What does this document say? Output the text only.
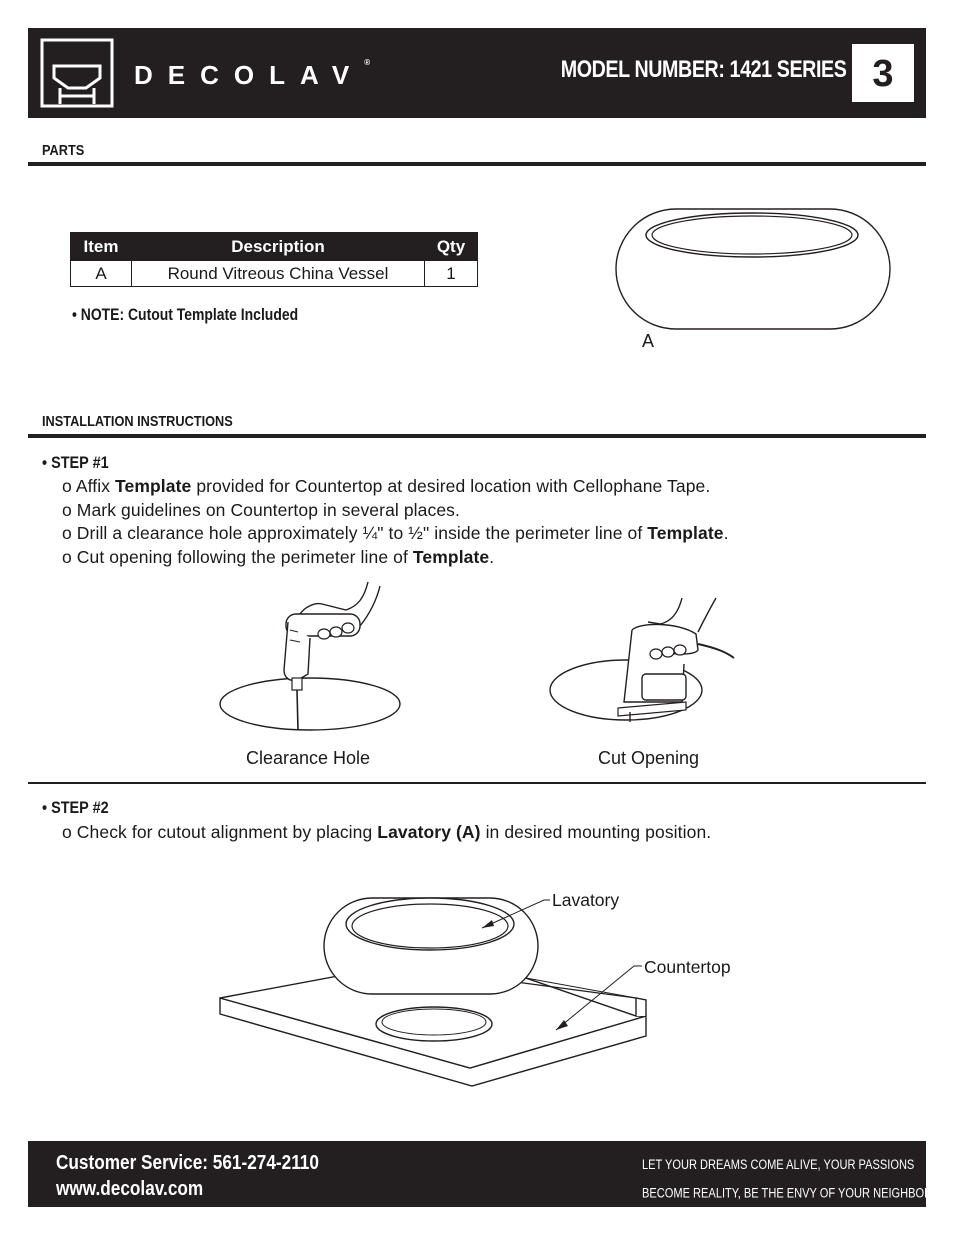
DECOLAV®	MODEL NUMBER: 1421 SERIES 3
PARTS
Item	Description	Qty
A	Round Vitreous China Vessel	1
• NOTE: Cutout Template Included
A
INSTALLATION INSTRUCTIONS
• STEP #1
o Affix Template provided for Countertop at desired location with Cellophane Tape.
o Mark guidelines on Countertop in several places.
o Drill a clearance hole approximately ¼" to ½" inside the perimeter line of Template.
o Cut opening following the perimeter line of Template.
Clearance Hole	Cut Opening
• STEP #2
o Check for cutout alignment by placing Lavatory (A) in desired mounting position.
Lavatory
Countertop
Customer Service: 561-274-2110
www.decolav.com
LET YOUR DREAMS COME ALIVE, YOUR PASSIONS
BECOME REALITY, BE THE ENVY OF YOUR NEIGHBORS®
